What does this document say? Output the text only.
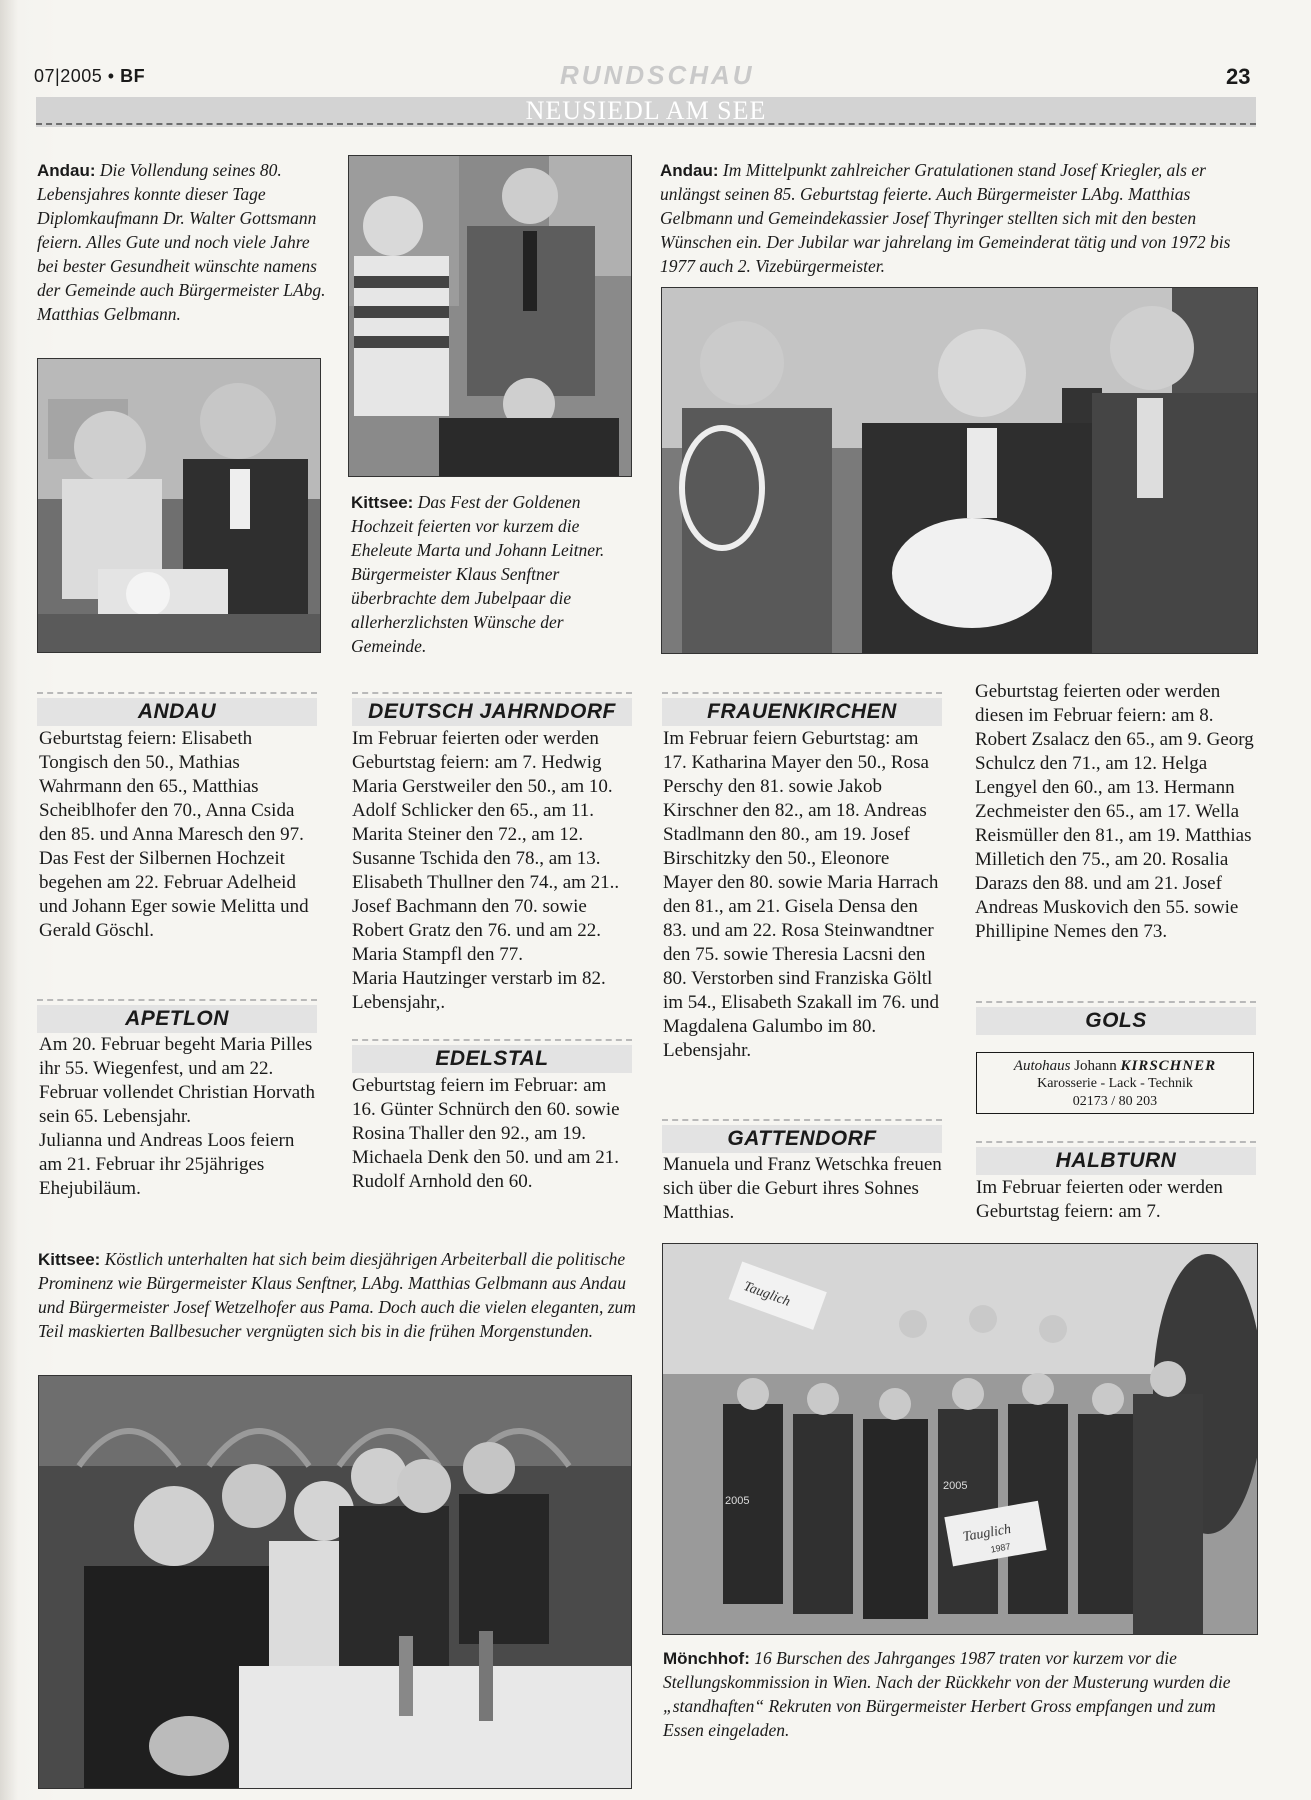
07|2005 • BF	RUNDSCHAU	23
NEUSIEDL AM SEE
Andau: Die Vollendung seines 80. Lebensjahres konnte dieser Tage Diplomkaufmann Dr. Walter Gottsmann feiern. Alles Gute und noch viele Jahre bei bester Gesundheit wünschte namens der Gemeinde auch Bürgermeister LAbg. Matthias Gelbmann.
Kittsee: Das Fest der Goldenen Hochzeit feierten vor kurzem die Eheleute Marta und Johann Leitner. Bürgermeister Klaus Senftner überbrachte dem Jubelpaar die allerherzlichsten Wünsche der Gemeinde.
Andau: Im Mittelpunkt zahlreicher Gratulationen stand Josef Kriegler, als er unlängst seinen 85. Geburtstag feierte. Auch Bürgermeister LAbg. Matthias Gelbmann und Gemeindekassier Josef Thyringer stellten sich mit den besten Wünschen ein. Der Jubilar war jahrelang im Gemeinderat tätig und von 1972 bis 1977 auch 2. Vizebürgermeister.
ANDAU
Geburtstag feiern: Elisabeth Tongisch den 50., Mathias Wahrmann den 65., Matthias Scheiblhofer den 70., Anna Csida den 85. und Anna Maresch den 97.
Das Fest der Silbernen Hochzeit begehen am 22. Februar Adelheid und Johann Eger sowie Melitta und Gerald Göschl.
APETLON
Am 20. Februar begeht Maria Pilles ihr 55. Wiegenfest, und am 22. Februar vollendet Christian Horvath sein 65. Lebensjahr.
Julianna und Andreas Loos feiern am 21. Februar ihr 25jähriges Ehejubiläum.
DEUTSCH JAHRNDORF
Im Februar feierten oder werden Geburtstag feiern: am 7. Hedwig Maria Gerstweiler den 50., am 10. Adolf Schlicker den 65., am 11. Marita Steiner den 72., am 12. Susanne Tschida den 78., am 13. Elisabeth Thullner den 74., am 21.. Josef Bachmann den 70. sowie Robert Gratz den 76. und am 22. Maria Stampfl den 77.
Maria Hautzinger verstarb im 82. Lebensjahr,.
EDELSTAL
Geburtstag feiern im Februar: am 16. Günter Schnürch den 60. sowie Rosina Thaller den 92., am 19. Michaela Denk den 50. und am 21. Rudolf Arnhold den 60.
FRAUENKIRCHEN
Im Februar feiern Geburtstag: am 17. Katharina Mayer den 50., Rosa Perschy den 81. sowie Jakob Kirschner den 82., am 18. Andreas Stadlmann den 80., am 19. Josef Birschitzky den 50., Eleonore Mayer den 80. sowie Maria Harrach den 81., am 21. Gisela Densa den 83. und am 22. Rosa Steinwandtner den 75. sowie Theresia Lacsni den 80. Verstorben sind Franziska Göltl im 54., Elisabeth Szakall im 76. und Magdalena Galumbo im 80. Lebensjahr.
GATTENDORF
Manuela und Franz Wetschka freuen sich über die Geburt ihres Sohnes Matthias.
Geburtstag feierten oder werden diesen im Februar feiern: am 8. Robert Zsalacz den 65., am 9. Georg Schulcz den 71., am 12. Helga Lengyel den 60., am 13. Hermann Zechmeister den 65., am 17. Wella Reismüller den 81., am 19. Matthias Milletich den 75., am 20. Rosalia Darazs den 88. und am 21. Josef Andreas Muskovich den 55. sowie Phillipine Nemes den 73.
GOLS
Autohaus Johann KIRSCHNER
Karosserie - Lack - Technik
02173 / 80 203
HALBTURN
Im Februar feierten oder werden Geburtstag feiern: am 7.
Kittsee: Köstlich unterhalten hat sich beim diesjährigen Arbeiterball die politische Prominenz wie Bürgermeister Klaus Senftner, LAbg. Matthias Gelbmann aus Andau und Bürgermeister Josef Wetzelhofer aus Pama. Doch auch die vielen eleganten, zum Teil maskierten Ballbesucher vergnügten sich bis in die frühen Morgenstunden.
Tauglich
Tauglich
1987
2005
2005
Mönchhof: 16 Burschen des Jahrganges 1987 traten vor kurzem vor die Stellungskommission in Wien. Nach der Rückkehr von der Musterung wurden die „standhaften“ Rekruten von Bürgermeister Herbert Gross empfangen und zum Essen eingeladen.
